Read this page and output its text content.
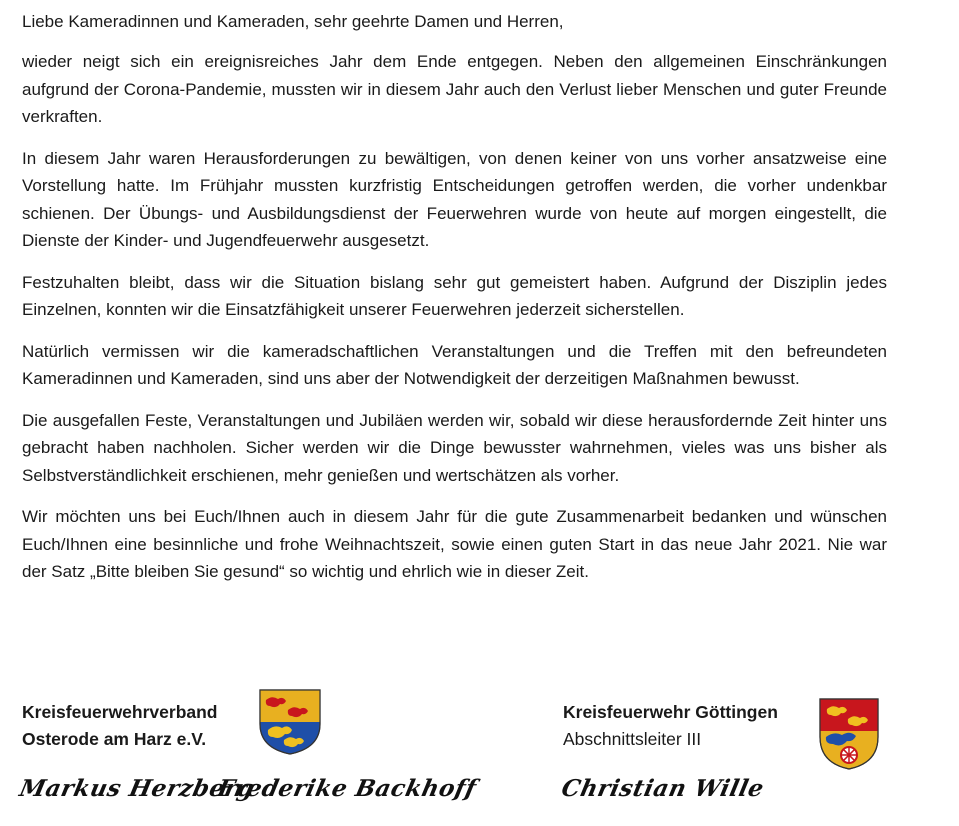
Liebe Kameradinnen und Kameraden, sehr geehrte Damen und Herren,

wieder neigt sich ein ereignisreiches Jahr dem Ende entgegen. Neben den allgemeinen Einschränkungen aufgrund der Corona-Pandemie, mussten wir in diesem Jahr auch den Verlust lieber Menschen und guter Freunde verkraften.

In diesem Jahr waren Herausforderungen zu bewältigen, von denen keiner von uns vorher ansatzweise eine Vorstellung hatte. Im Frühjahr mussten kurzfristig Entscheidungen getroffen werden, die vorher undenkbar schienen. Der Übungs- und Ausbildungsdienst der Feuerwehren wurde von heute auf morgen eingestellt, die Dienste der Kinder- und Jugendfeuerwehr ausgesetzt.

Festzuhalten bleibt, dass wir die Situation bislang sehr gut gemeistert haben. Aufgrund der Disziplin jedes Einzelnen, konnten wir die Einsatzfähigkeit unserer Feuerwehren jederzeit sicherstellen.

Natürlich vermissen wir die kameradschaftlichen Veranstaltungen und die Treffen mit den befreundeten Kameradinnen und Kameraden, sind uns aber der Notwendigkeit der derzeitigen Maßnahmen bewusst.

Die ausgefallen Feste, Veranstaltungen und Jubiläen werden wir, sobald wir diese herausfordernde Zeit hinter uns gebracht haben nachholen. Sicher werden wir die Dinge bewusster wahrnehmen, vieles was uns bisher als Selbstverständlichkeit erschienen, mehr genießen und wertschätzen als vorher.

Wir möchten uns bei Euch/Ihnen auch in diesem Jahr für die gute Zusammenarbeit bedanken und wünschen Euch/Ihnen eine besinnliche und frohe Weihnachtszeit, sowie einen guten Start in das neue Jahr 2021. Nie war der Satz „Bitte bleiben Sie gesund“ so wichtig und ehrlich wie in dieser Zeit.

Kreisfeuerwehrverband
Osterode am Harz e.V.
Kreisfeuerwehr Göttingen
Abschnittsleiter III
Markus Herzberg
Frederike Backhoff	Christian Wille
